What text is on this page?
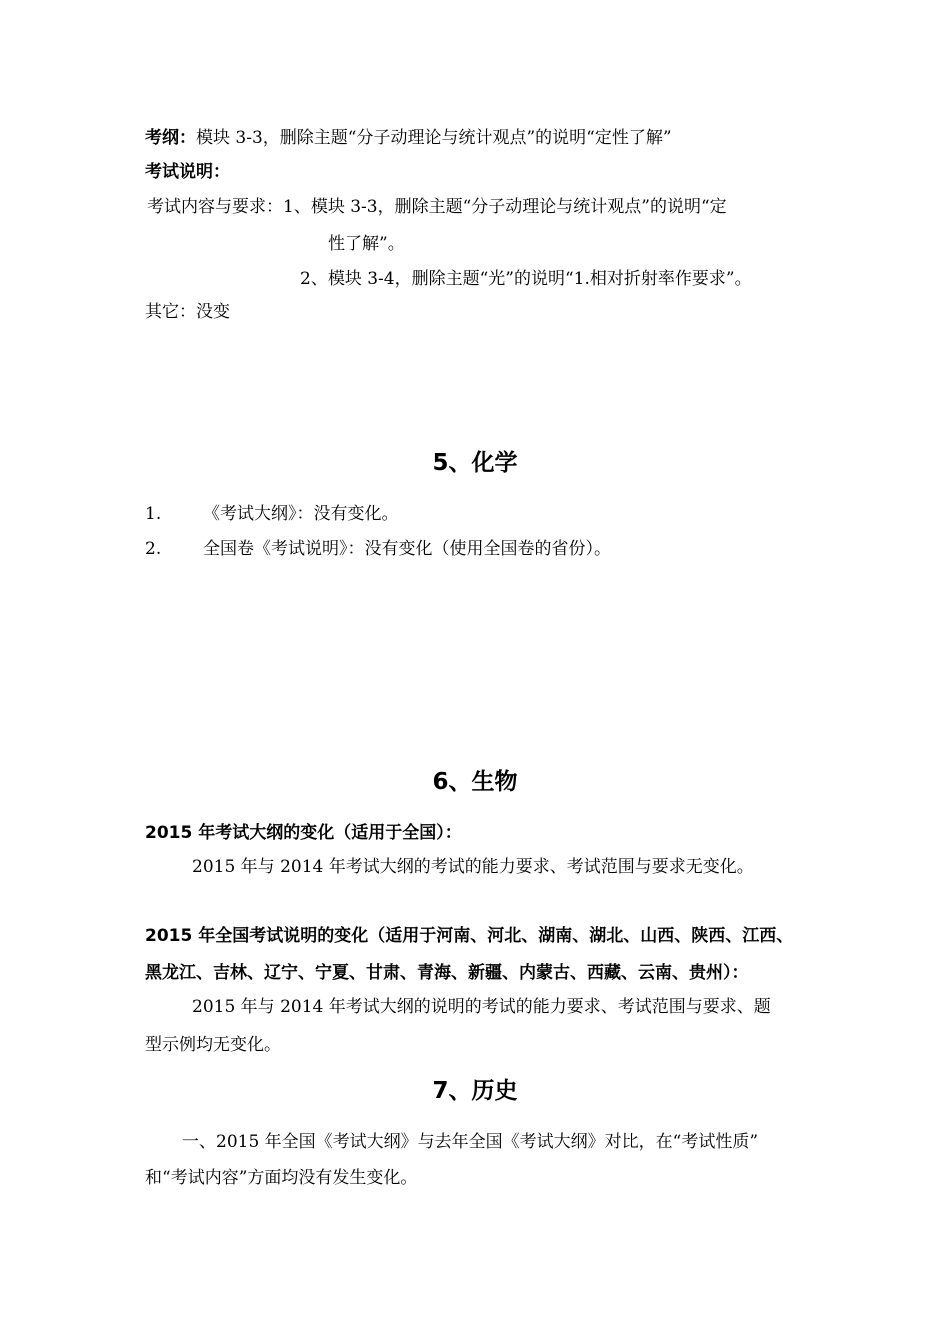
考纲：模块 3-3，删除主题“分子动理论与统计观点”的说明“定性了解”
考试说明：
考试内容与要求：1、模块 3-3，删除主题“分子动理论与统计观点”的说明“定
性了解”。
2、模块 3-4，删除主题“光”的说明“1.相对折射率作要求”。
其它：没变
5、化学
1. 《考试大纲》：没有变化。
2. 全国卷《考试说明》：没有变化（使用全国卷的省份）。
6、生物
2015 年考试大纲的变化（适用于全国）：
2015 年与 2014 年考试大纲的考试的能力要求、考试范围与要求无变化。
2015 年全国考试说明的变化（适用于河南、河北、湖南、湖北、山西、陕西、江西、
黑龙江、吉林、辽宁、宁夏、甘肃、青海、新疆、内蒙古、西藏、云南、贵州）：
2015 年与 2014 年考试大纲的说明的考试的能力要求、考试范围与要求、题
型示例均无变化。
7、历史
一、2015 年全国《考试大纲》与去年全国《考试大纲》对比，在“考试性质”
和“考试内容”方面均没有发生变化。
